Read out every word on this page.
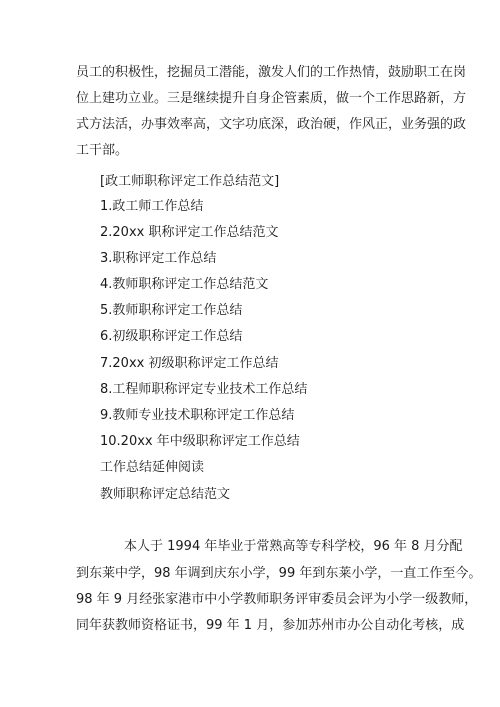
员工的积极性，挖掘员工潜能，激发人们的工作热情，鼓励职工在岗
位上建功立业。三是继续提升自身企管素质，做一个工作思路新，方
式方法活，办事效率高，文字功底深，政治硬，作风正，业务强的政
工干部。
[政工师职称评定工作总结范文]
1.政工师工作总结
2.20xx 职称评定工作总结范文
3.职称评定工作总结
4.教师职称评定工作总结范文
5.教师职称评定工作总结
6.初级职称评定工作总结
7.20xx 初级职称评定工作总结
8.工程师职称评定专业技术工作总结
9.教师专业技术职称评定工作总结
10.20xx 年中级职称评定工作总结
工作总结延伸阅读
教师职称评定总结范文
本人于 1994 年毕业于常熟高等专科学校，96 年 8 月分配
到东莱中学，98 年调到庆东小学，99 年到东莱小学，一直工作至今。
98 年 9 月经张家港市中小学教师职务评审委员会评为小学一级教师，
同年获教师资格证书，99 年 1 月，参加苏州市办公自动化考核，成
